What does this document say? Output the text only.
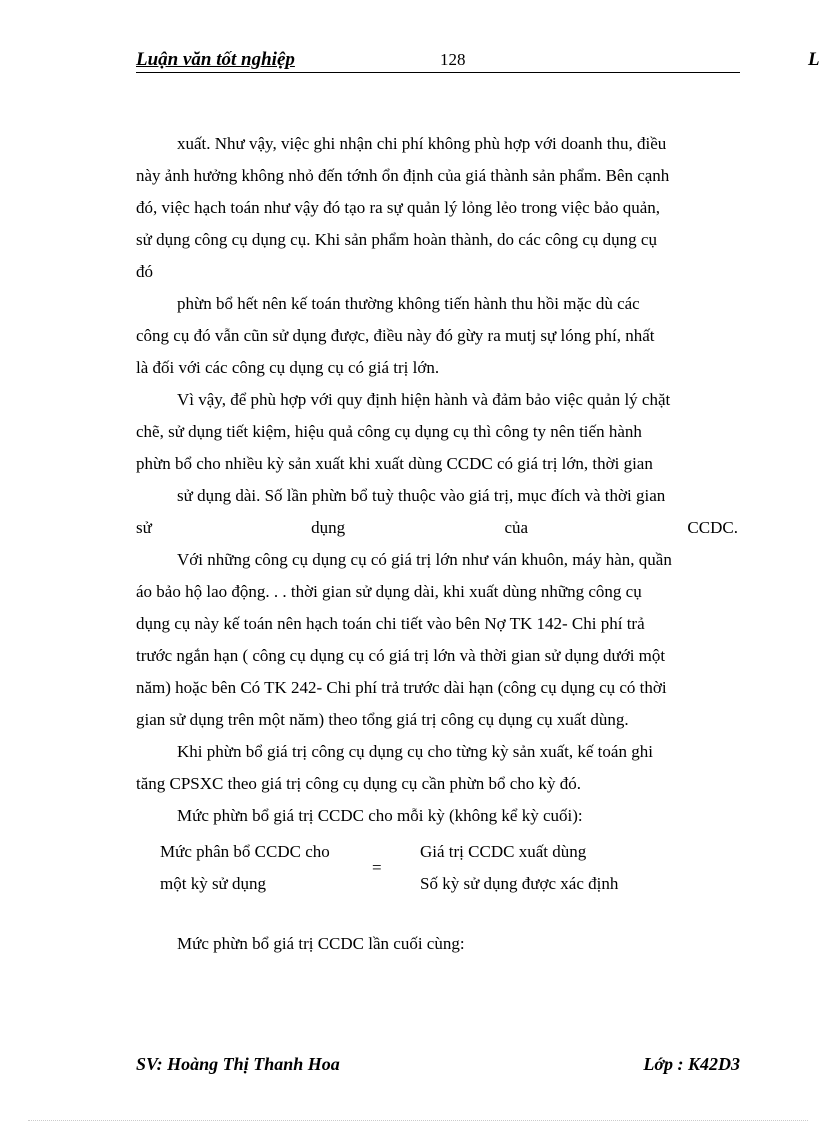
Luận văn tốt nghiệp	128	L
xuất. Như vậy, việc ghi nhận chi phí không phù hợp với doanh thu, điều
này ảnh hưởng không nhỏ đến tớnh ổn định của giá thành sản phẩm. Bên cạnh
đó, việc hạch toán như vậy đó tạo ra sự quản lý lỏng lẻo trong việc bảo quản,
sử dụng công cụ dụng cụ. Khi sản phẩm hoàn thành, do các công cụ dụng cụ
đó
phừn bổ hết nên kế toán thường không tiến hành thu hồi mặc dù các
công cụ đó vẫn cũn sử dụng được, điều này đó gừy ra mutj sự lóng phí, nhất
là đối với các công cụ dụng cụ có giá trị lớn.
Vì vậy, để phù hợp với quy định hiện hành và đảm bảo việc quản lý chặt
chẽ, sử dụng tiết kiệm, hiệu quả công cụ dụng cụ thì công ty nên tiến hành
phừn bổ cho nhiều kỳ sản xuất khi xuất dùng CCDC có giá trị lớn, thời gian
sử dụng dài. Số lần phừn bổ tuỳ thuộc vào giá trị, mục đích và thời gian
sử	dụng	của	CCDC.
Với những công cụ dụng cụ có giá trị lớn như ván khuôn, máy hàn, quần
áo bảo hộ lao động. . . thời gian sử dụng dài, khi xuất dùng những công cụ
dụng cụ này kế toán nên hạch toán chi tiết vào bên Nợ TK 142- Chi phí trả
trước ngắn hạn ( công cụ dụng cụ có giá trị lớn và thời gian sử dụng dưới một
năm) hoặc bên Có TK 242- Chi phí trả trước dài hạn (công cụ dụng cụ có thời
gian sử dụng trên một năm) theo tổng giá trị công cụ dụng cụ xuất dùng.
Khi phừn bổ giá trị công cụ dụng cụ cho từng kỳ sản xuất, kế toán ghi
tăng CPSXC theo giá trị công cụ dụng cụ cần phừn bổ cho kỳ đó.
Mức phừn bổ giá trị CCDC cho mỗi kỳ (không kể kỳ cuối):
Mức phân bổ CCDC cho
một kỳ sử dụng
=
Giá trị CCDC xuất dùng
Số kỳ sử dụng được xác định
Mức phừn bổ giá trị CCDC lần cuối cùng:
SV: Hoàng Thị Thanh Hoa	Lớp : K42D3
